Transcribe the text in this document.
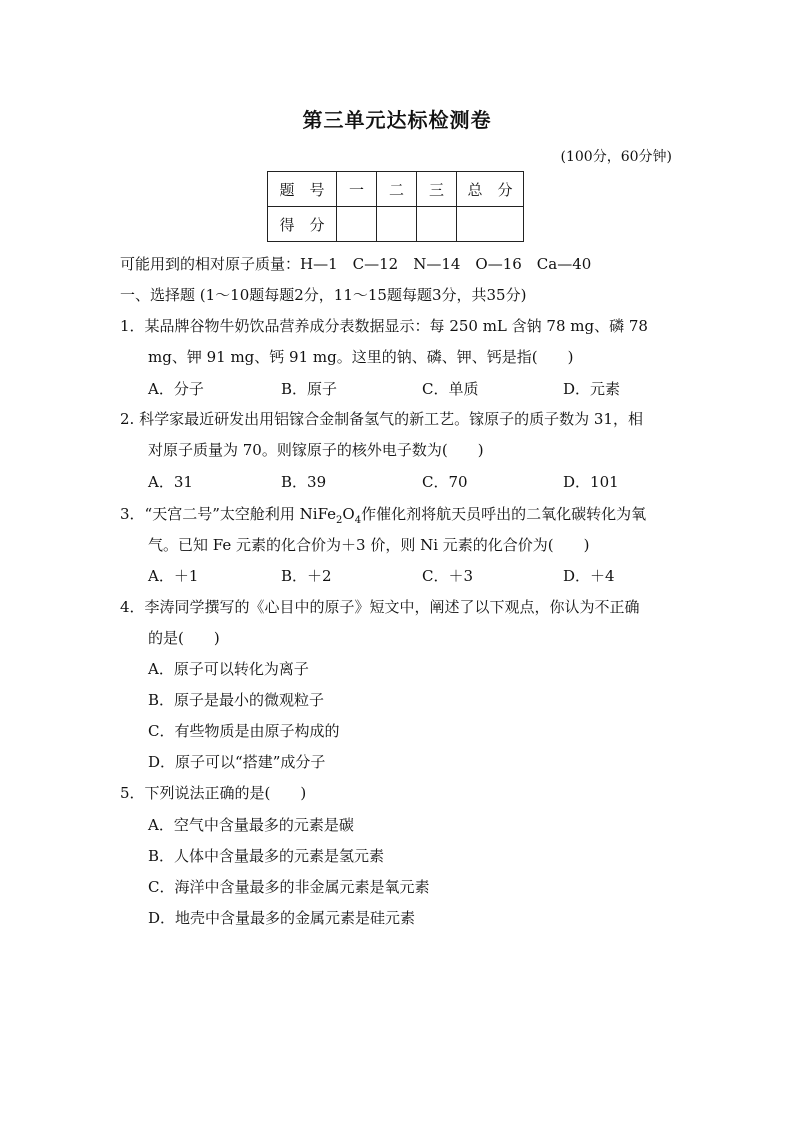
第三单元达标检测卷
(100分，60分钟)
题　号	一	二	三	总　分
得　分				
可能用到的相对原子质量：H—1　C—12　N—14　O—16　Ca—40
一、选择题 (1～10题每题2分，11～15题每题3分，共35分)
1．某品牌谷物牛奶饮品营养成分表数据显示：每 250 mL 含钠 78 mg、磷 78
mg、钾 91 mg、钙 91 mg。这里的钠、磷、钾、钙是指(　　)
A．分子	B．原子	C．单质	D．元素
2. 科学家最近研发出用铝镓合金制备氢气的新工艺。镓原子的质子数为 31，相
对原子质量为 70。则镓原子的核外电子数为(　　)
A．31	B．39	C．70	D．101
3．“天宫二号”太空舱利用 $NiFe_2O_4$作催化剂将航天员呼出的二氧化碳转化为氧
气。已知 Fe 元素的化合价为＋3 价，则 Ni 元素的化合价为(　　)
A．＋1	B．＋2	C．＋3	D．＋4
4．李涛同学撰写的《心目中的原子》短文中，阐述了以下观点，你认为不正确
的是(　　)
A．原子可以转化为离子
B．原子是最小的微观粒子
C．有些物质是由原子构成的
D．原子可以“搭建”成分子
5．下列说法正确的是(　　)
A．空气中含量最多的元素是碳
B．人体中含量最多的元素是氢元素
C．海洋中含量最多的非金属元素是氧元素
D．地壳中含量最多的金属元素是硅元素
